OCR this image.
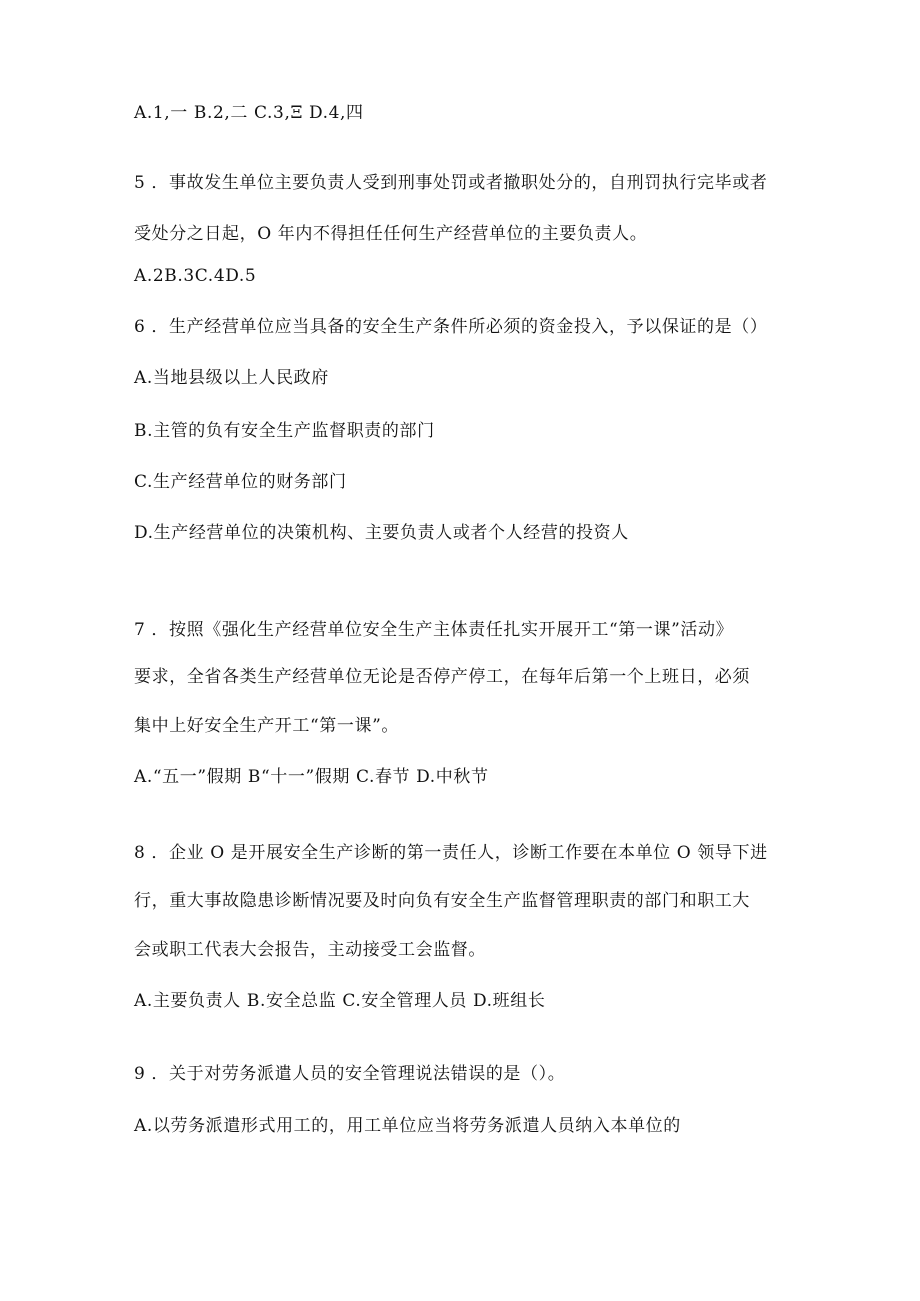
A.1,一 B.2,二 C.3,Ξ D.4,四
5 ．事故发生单位主要负责人受到刑事处罚或者撤职处分的，自刑罚执行完毕或者
受处分之日起，O 年内不得担任任何生产经营单位的主要负责人。
A.2B.3C.4D.5
6 ．生产经营单位应当具备的安全生产条件所必须的资金投入，予以保证的是（）
A.当地县级以上人民政府
B.主管的负有安全生产监督职责的部门
C.生产经营单位的财务部门
D.生产经营单位的决策机构、主要负责人或者个人经营的投资人
7 ．按照《强化生产经营单位安全生产主体责任扎实开展开工“第一课”活动》
要求，全省各类生产经营单位无论是否停产停工，在每年后第一个上班日，必须
集中上好安全生产开工“第一课”。
A.“五一”假期 B“十一”假期 C.春节 D.中秋节
8 ．企业 O 是开展安全生产诊断的第一责任人，诊断工作要在本单位 O 领导下进
行，重大事故隐患诊断情况要及时向负有安全生产监督管理职责的部门和职工大
会或职工代表大会报告，主动接受工会监督。
A.主要负责人 B.安全总监 C.安全管理人员 D.班组长
9 ．关于对劳务派遣人员的安全管理说法错误的是（）。
A.以劳务派遣形式用工的，用工单位应当将劳务派遣人员纳入本单位的
